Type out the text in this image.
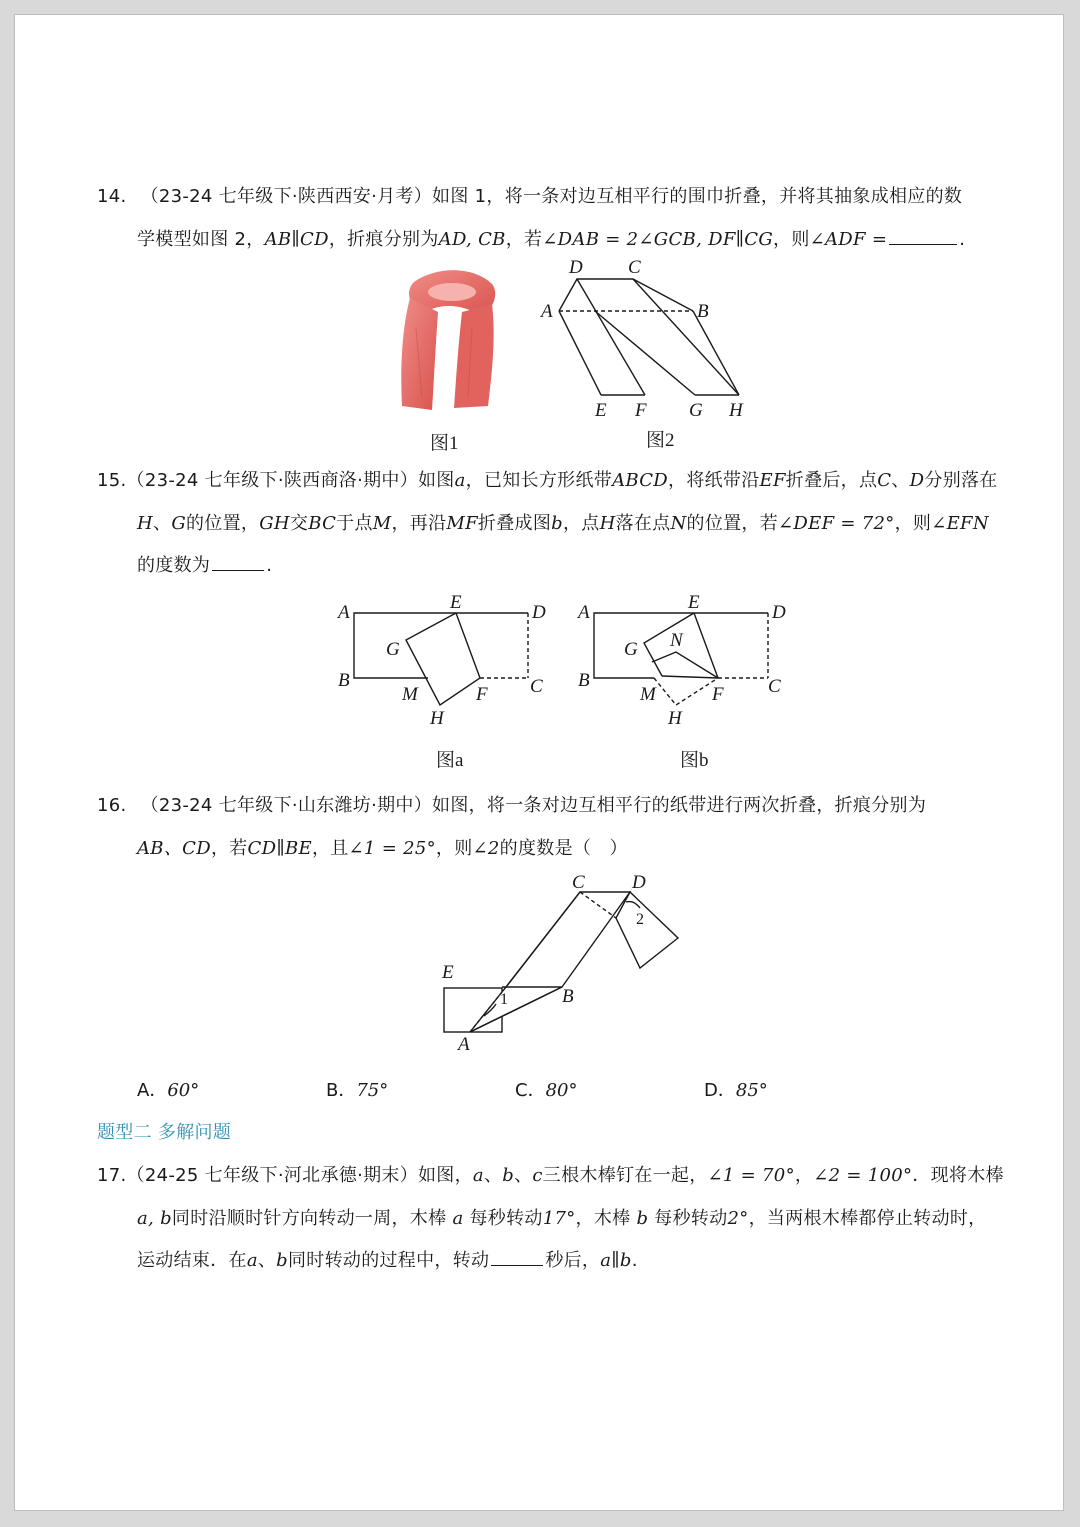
14. （23-24 七年级下·陕西西安·月考）如图 1，将一条对边互相平行的围巾折叠，并将其抽象成相应的数
学模型如图 2，AB∥CD，折痕分别为AD, CB，若∠DAB = 2∠GCB, DF∥CG，则∠ADF =	.
图1
D C
A	B
E F G H
图2
15.（23-24 七年级下·陕西商洛·期中）如图a，已知长方形纸带ABCD，将纸带沿EF折叠后，点C、D分别落在
H、G的位置，GH交BC于点M，再沿MF折叠成图b，点H落在点N的位置，若∠DEF = 72°，则∠EFN
的度数为	.
A
B
E	D
C
G
M	F
H
图a
A
B
E	D
C
G N
M	F
H
图b
16. （23-24 七年级下·山东潍坊·期中）如图，将一条对边互相平行的纸带进行两次折叠，折痕分别为
AB、CD，若CD∥BE，且∠1 = 25°，则∠2的度数是（　）
C D
E
B
A
1
2
A．60°	B．75°	C．80°	D．85°
题型二 多解问题
17.（24-25 七年级下·河北承德·期末）如图，a、b、c三根木棒钉在一起，∠1 = 70°，∠2 = 100°．现将木棒
a, b同时沿顺时针方向转动一周，木棒 a 每秒转动17°，木棒 b 每秒转动2°，当两根木棒都停止转动时，
运动结束．在a、b同时转动的过程中，转动	秒后，a∥b.
